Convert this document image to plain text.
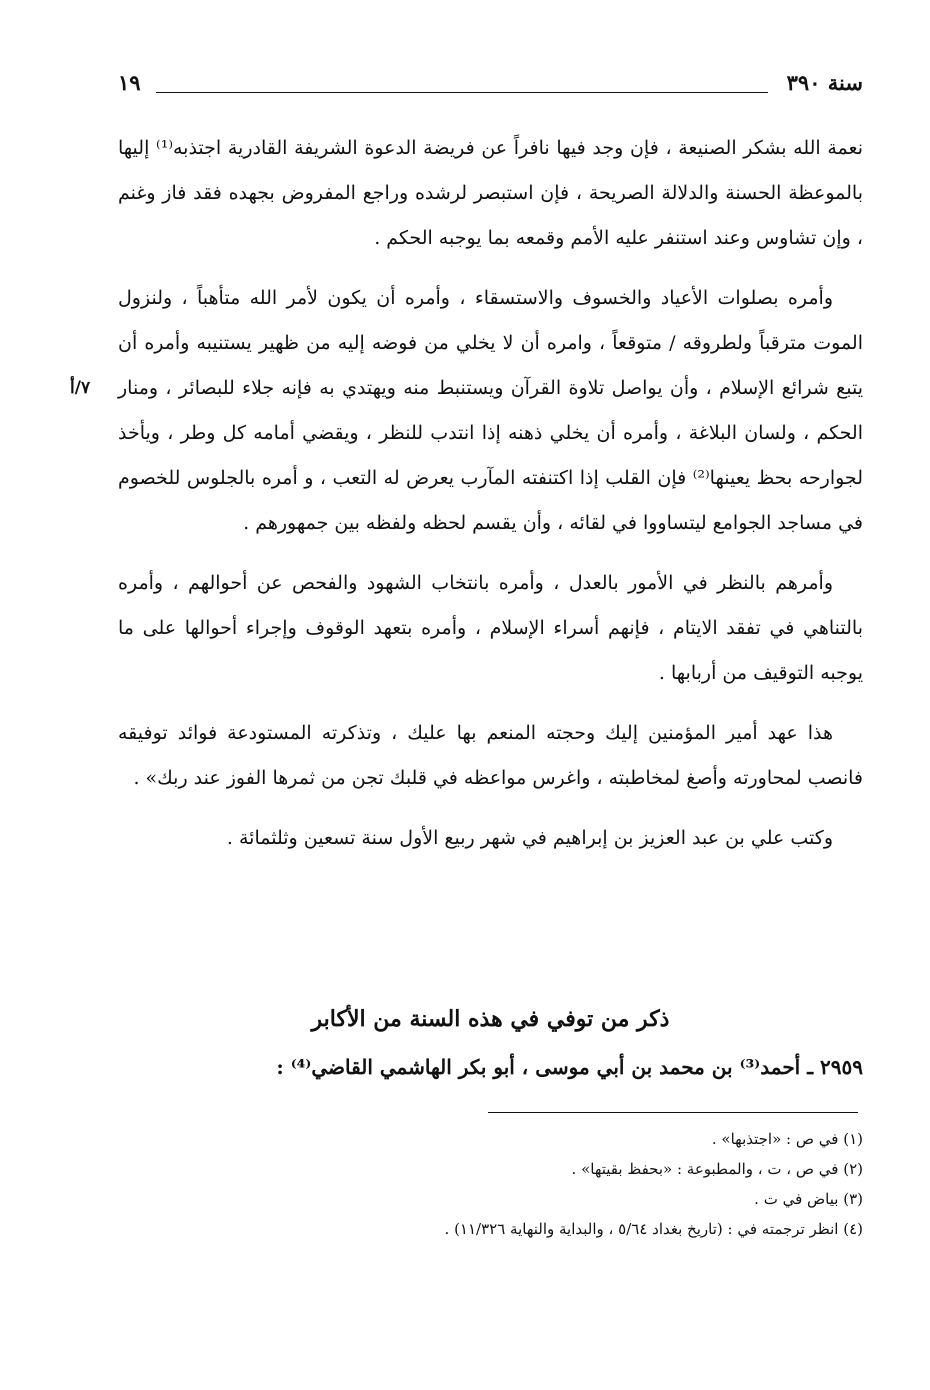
سنة ٣٩٠
١٩
٧/أ

نعمة الله بشكر الصنيعة ، فإن وجد فيها نافراً عن فريضة الدعوة الشريفة القادرية اجتذبه⁽¹⁾ إليها بالموعظة الحسنة والدلالة الصريحة ، فإن استبصر لرشده وراجع المفروض بجهده فقد فاز وغنم ، وإن تشاوس وعند استنفر عليه الأمم وقمعه بما يوجبه الحكم .

وأمره بصلوات الأعياد والخسوف والاستسقاء ، وأمره أن يكون لأمر الله متأهباً ، ولنزول الموت مترقباً ولطروقه / متوقعاً ، وامره أن لا يخلي من فوضه إليه من ظهير يستنيبه وأمره أن يتبع شرائع الإسلام ، وأن يواصل تلاوة القرآن ويستنبط منه ويهتدي به فإنه جلاء للبصائر ، ومنار الحكم ، ولسان البلاغة ، وأمره أن يخلي ذهنه إذا انتدب للنظر ، ويقضي أمامه كل وطر ، ويأخذ لجوارحه بحظ يعينها⁽²⁾ فإن القلب إذا اكتنفته المآرب يعرض له التعب ، و أمره بالجلوس للخصوم في مساجد الجوامع ليتساووا في لقائه ، وأن يقسم لحظه ولفظه بين جمهورهم .

وأمرهم بالنظر في الأمور بالعدل ، وأمره بانتخاب الشهود والفحص عن أحوالهم ، وأمره بالتناهي في تفقد الايتام ، فإنهم أسراء الإسلام ، وأمره بتعهد الوقوف وإجراء أحوالها على ما يوجبه التوقيف من أربابها .

هذا عهد أمير المؤمنين إليك وحجته المنعم بها عليك ، وتذكرته المستودعة فوائد توفيقه فانصب لمحاورته وأصغ لمخاطبته ، واغرس مواعظه في قلبك تجن من ثمرها الفوز عند ربك» .

وكتب علي بن عبد العزيز بن إبراهيم في شهر ربيع الأول سنة تسعين وثلثمائة .

ذكر من توفي في هذه السنة من الأكابر
٢٩٥٩ ـ أحمد⁽³⁾ بن محمد بن أبي موسى ، أبو بكر الهاشمي القاضي⁽⁴⁾ :

(١) في ص : «اجتذبها» .

(٢) في ص ، ت ، والمطبوعة : «بحفظ بقيتها» .

(٣) بياض في ت .

(٤) انظر ترجمته في : (تاريخ بغداد ٥/٦٤ ، والبداية والنهاية ١١/٣٢٦) .
